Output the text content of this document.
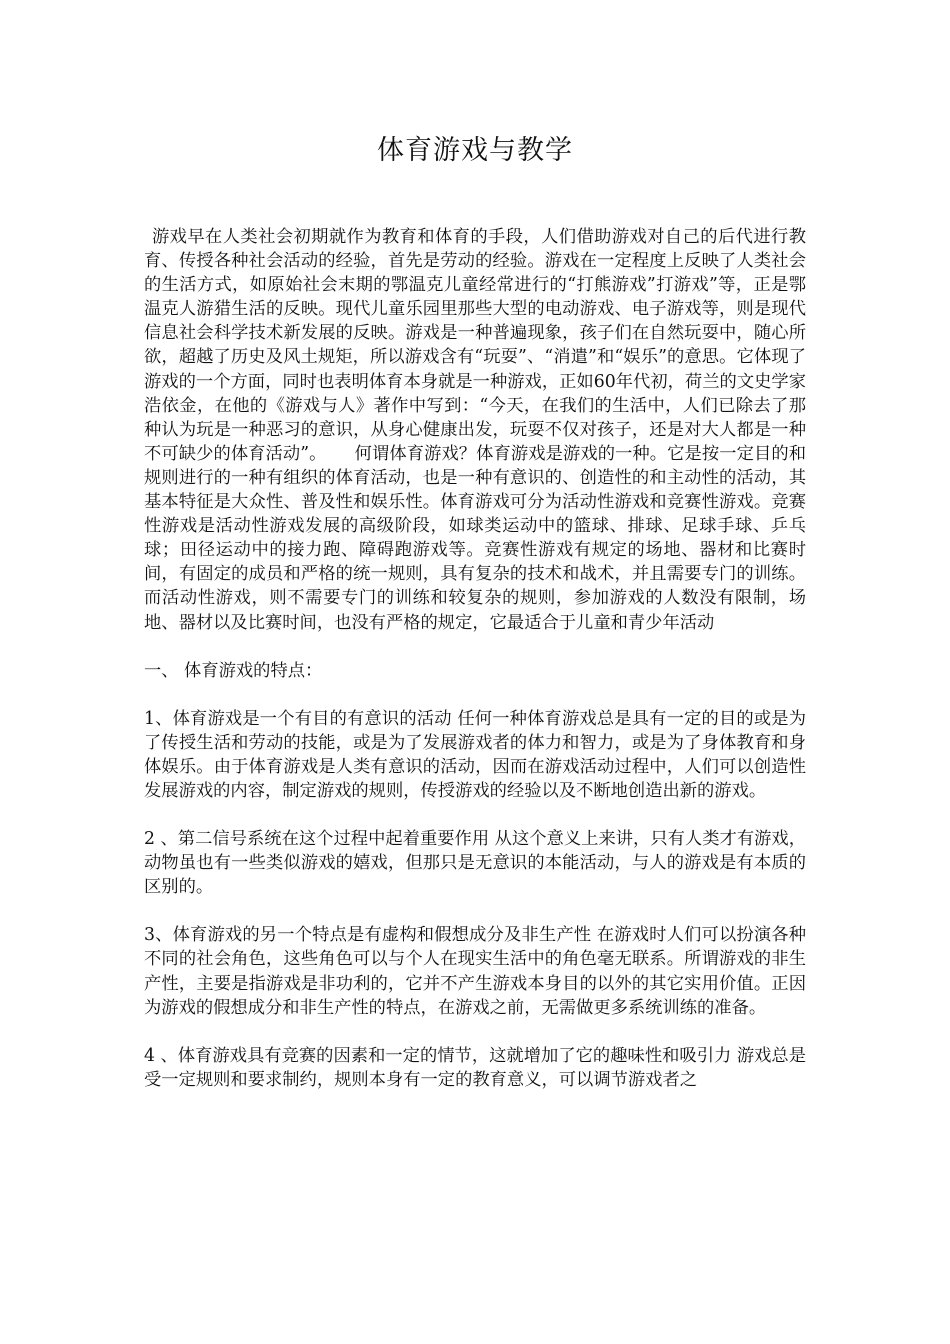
体育游戏与教学

游戏早在人类社会初期就作为教育和体育的手段，人们借助游戏对自己的后代进行教育、传授各种社会活动的经验，首先是劳动的经验。游戏在一定程度上反映了人类社会的生活方式，如原始社会末期的鄂温克儿童经常进行的“打熊游戏”打游戏”等，正是鄂温克人游猎生活的反映。现代儿童乐园里那些大型的电动游戏、电子游戏等，则是现代信息社会科学技术新发展的反映。游戏是一种普遍现象，孩子们在自然玩耍中，随心所欲，超越了历史及风土规矩，所以游戏含有“玩耍”、“消遣”和“娱乐”的意思。它体现了游戏的一个方面，同时也表明体育本身就是一种游戏，正如60年代初，荷兰的文史学家浩依金，在他的《游戏与人》著作中写到：“今天，在我们的生活中，人们已除去了那种认为玩是一种恶习的意识，从身心健康出发，玩耍不仅对孩子，还是对大人都是一种不可缺少的体育活动”。 何谓体育游戏？体育游戏是游戏的一种。它是按一定目的和规则进行的一种有组织的体育活动，也是一种有意识的、创造性的和主动性的活动，其基本特征是大众性、普及性和娱乐性。体育游戏可分为活动性游戏和竞赛性游戏。竞赛性游戏是活动性游戏发展的高级阶段，如球类运动中的篮球、排球、足球手球、乒乓球；田径运动中的接力跑、障碍跑游戏等。竞赛性游戏有规定的场地、器材和比赛时间，有固定的成员和严格的统一规则，具有复杂的技术和战术，并且需要专门的训练。而活动性游戏，则不需要专门的训练和较复杂的规则，参加游戏的人数没有限制，场地、器材以及比赛时间，也没有严格的规定，它最适合于儿童和青少年活动

一、 体育游戏的特点：

1、体育游戏是一个有目的有意识的活动 任何一种体育游戏总是具有一定的目的或是为了传授生活和劳动的技能，或是为了发展游戏者的体力和智力，或是为了身体教育和身体娱乐。由于体育游戏是人类有意识的活动，因而在游戏活动过程中，人们可以创造性发展游戏的内容，制定游戏的规则，传授游戏的经验以及不断地创造出新的游戏。

2 、第二信号系统在这个过程中起着重要作用 从这个意义上来讲，只有人类才有游戏，动物虽也有一些类似游戏的嬉戏，但那只是无意识的本能活动，与人的游戏是有本质的区别的。

3、体育游戏的另一个特点是有虚构和假想成分及非生产性 在游戏时人们可以扮演各种不同的社会角色，这些角色可以与个人在现实生活中的角色毫无联系。所谓游戏的非生产性，主要是指游戏是非功利的，它并不产生游戏本身目的以外的其它实用价值。正因为游戏的假想成分和非生产性的特点，在游戏之前，无需做更多系统训练的准备。

4 、体育游戏具有竞赛的因素和一定的情节，这就增加了它的趣味性和吸引力 游戏总是受一定规则和要求制约，规则本身有一定的教育意义，可以调节游戏者之
